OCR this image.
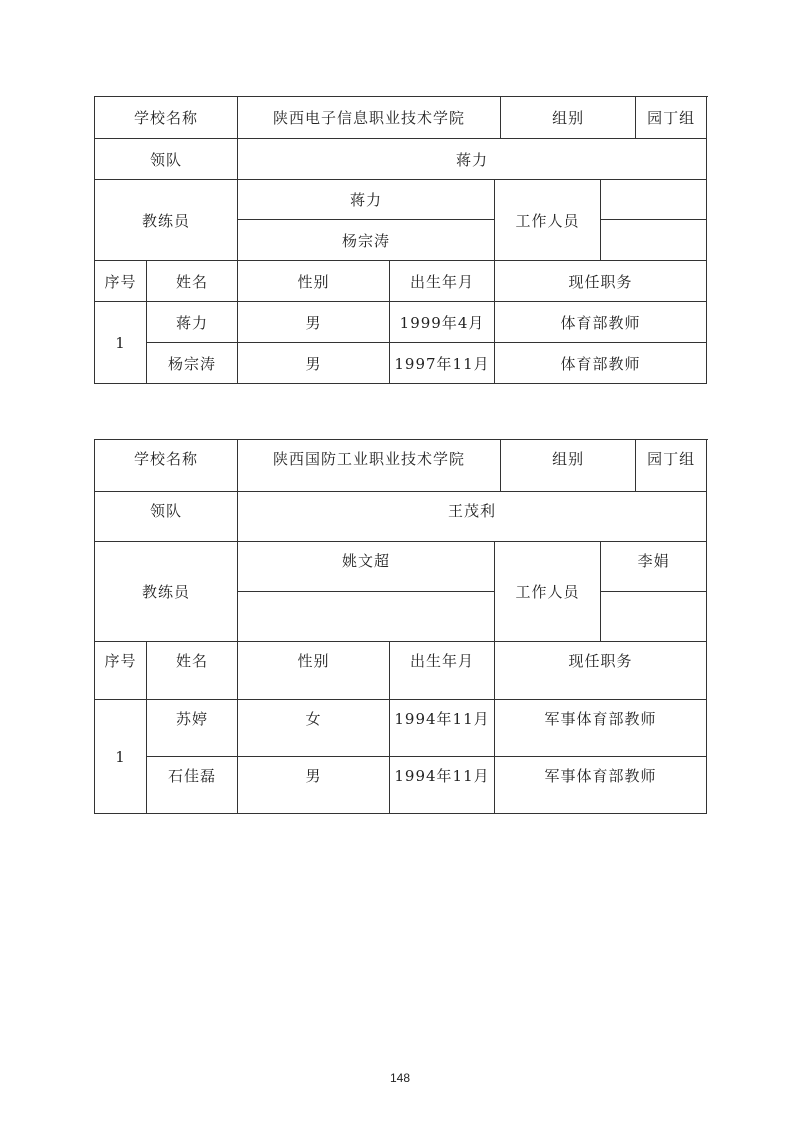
学校名称		陕西电子信息职业技术学院			组别		园丁组
领队		蒋力					
教练员		蒋力		工作人员			
		杨宗涛					
序号	姓名	性别	出生年月	现任职务			
1	蒋力	男	1999年4月	体育部教师			
	杨宗涛	男	1997年11月	体育部教师			
学校名称		陕西国防工业职业技术学院			组别		园丁组
领队		王茂利					
教练员		姚文超		工作人员		李娟	

序号	姓名	性别	出生年月	现任职务			
1	苏婷	女	1994年11月	军事体育部教师			
	石佳磊	男	1994年11月	军事体育部教师			
148
